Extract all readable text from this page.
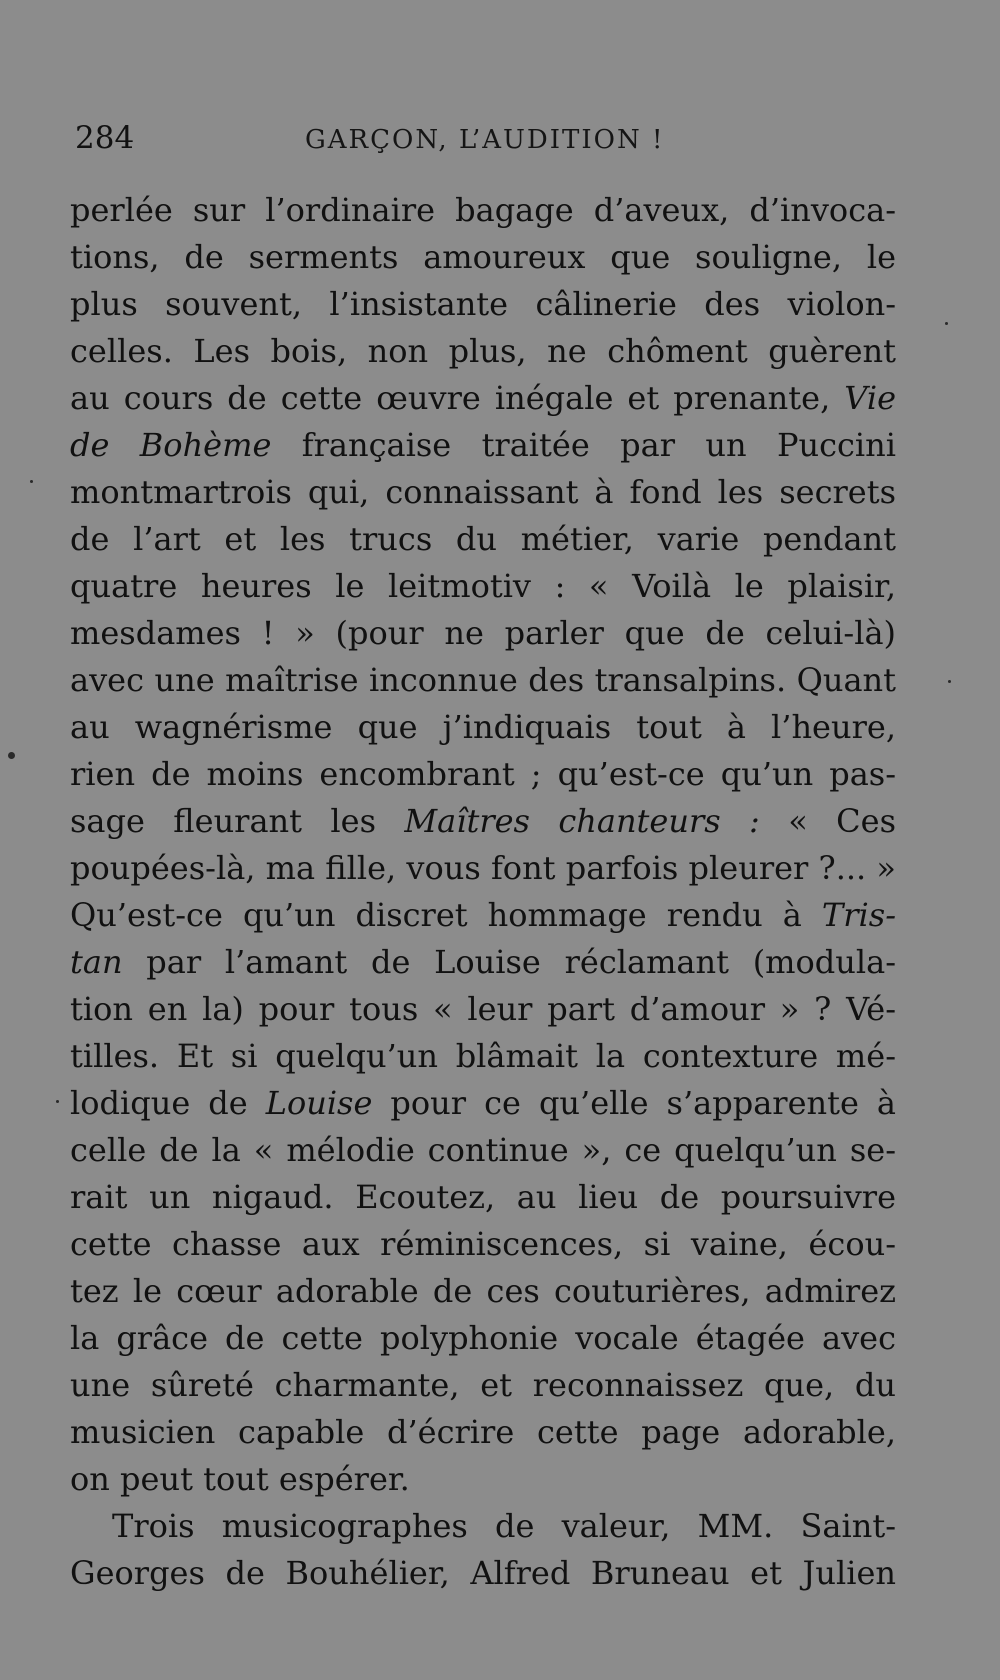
284	GARÇON, L’AUDITION !
perlée sur l’ordinaire bagage d’aveux, d’invoca-
tions, de serments amoureux que souligne, le
plus souvent, l’insistante câlinerie des violon-
celles. Les bois, non plus, ne chôment guèrent
au cours de cette œuvre inégale et prenante, Vie
de Bohème française traitée par un Puccini
montmartrois qui, connaissant à fond les secrets
de l’art et les trucs du métier, varie pendant
quatre heures le leitmotiv : « Voilà le plaisir,
mesdames ! » (pour ne parler que de celui-là)
avec une maîtrise inconnue des transalpins. Quant
au wagnérisme que j’indiquais tout à l’heure,
rien de moins encombrant ; qu’est-ce qu’un pas-
sage fleurant les Maîtres chanteurs : « Ces
poupées-là, ma fille, vous font parfois pleurer ?... »
Qu’est-ce qu’un discret hommage rendu à Tris-
tan par l’amant de Louise réclamant (modula-
tion en la) pour tous « leur part d’amour » ? Vé-
tilles. Et si quelqu’un blâmait la contexture mé-
lodique de Louise pour ce qu’elle s’apparente à
celle de la « mélodie continue », ce quelqu’un se-
rait un nigaud. Ecoutez, au lieu de poursuivre
cette chasse aux réminiscences, si vaine, écou-
tez le cœur adorable de ces couturières, admirez
la grâce de cette polyphonie vocale étagée avec
une sûreté charmante, et reconnaissez que, du
musicien capable d’écrire cette page adorable,
on peut tout espérer.
Trois musicographes de valeur, MM. Saint-
Georges de Bouhélier, Alfred Bruneau et Julien
